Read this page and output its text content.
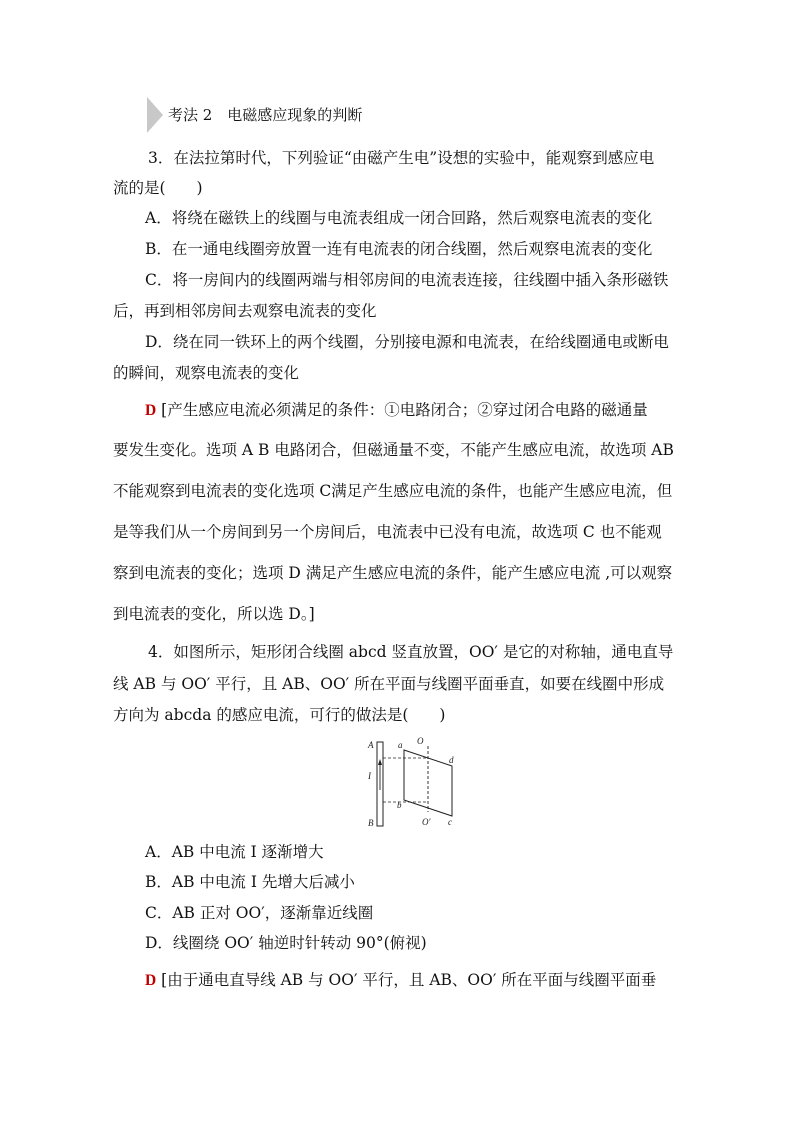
考法 2　电磁感应现象的判断
3．在法拉第时代，下列验证“由磁产生电”设想的实验中，能观察到感应电
流的是(　　)
A．将绕在磁铁上的线圈与电流表组成一闭合回路，然后观察电流表的变化
B．在一通电线圈旁放置一连有电流表的闭合线圈，然后观察电流表的变化
C．将一房间内的线圈两端与相邻房间的电流表连接，往线圈中插入条形磁铁
后，再到相邻房间去观察电流表的变化
D．绕在同一铁环上的两个线圈，分别接电源和电流表，在给线圈通电或断电
的瞬间，观察电流表的变化
D [产生感应电流必须满足的条件：①电路闭合；②穿过闭合电路的磁通量
要发生变化。选项 A B 电路闭合，但磁通量不变，不能产生感应电流，故选项 AB
不能观察到电流表的变化选项 C满足产生感应电流的条件，也能产生感应电流，但
是等我们从一个房间到另一个房间后，电流表中已没有电流，故选项 C 也不能观
察到电流表的变化；选项 D 满足产生感应电流的条件，能产生感应电流 ,可以观察
到电流表的变化，所以选 D。]
4．如图所示，矩形闭合线圈 abcd 竖直放置，OO′ 是它的对称轴，通电直导
线 AB 与 OO′ 平行，且 AB、OO′ 所在平面与线圈平面垂直，如要在线圈中形成
方向为 abcda 的感应电流，可行的做法是(　　)
A
B
I
a
b
c
d
O
O′
A．AB 中电流 I 逐渐增大
B．AB 中电流 I 先增大后减小
C．AB 正对 OO′，逐渐靠近线圈
D．线圈绕 OO′ 轴逆时针转动 90°(俯视)
D [由于通电直导线 AB 与 OO′ 平行，且 AB、OO′ 所在平面与线圈平面垂
